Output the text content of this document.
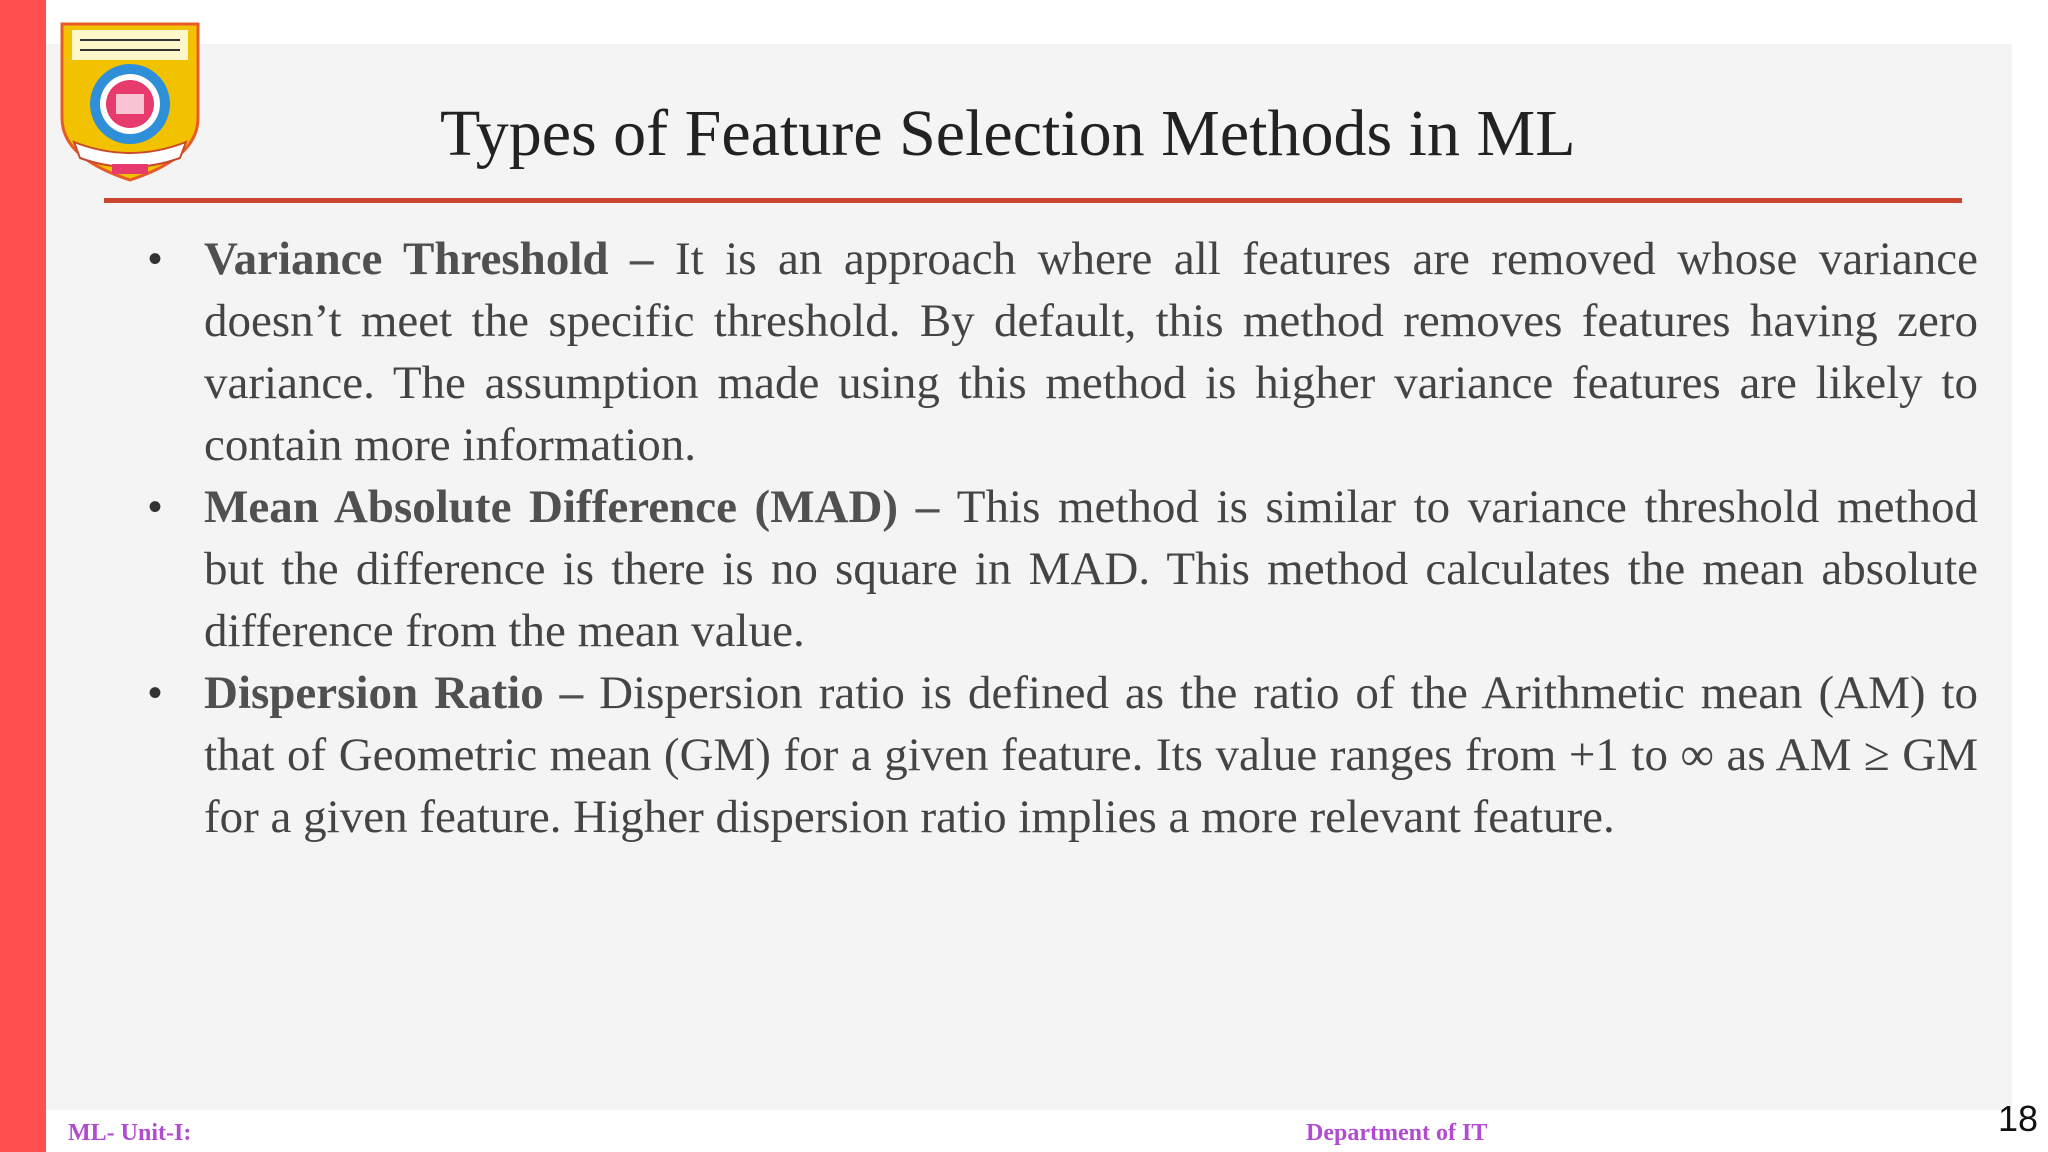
Types of Feature Selection Methods in ML
• Variance Threshold – It is an approach where all features are removed whose variance doesn’t meet the specific threshold. By default, this method removes features having zero variance. The assumption made using this method is higher variance features are likely to contain more information.
• Mean Absolute Difference (MAD) – This method is similar to variance threshold method but the difference is there is no square in MAD. This method calculates the mean absolute difference from the mean value.
• Dispersion Ratio – Dispersion ratio is defined as the ratio of the Arithmetic mean (AM) to that of Geometric mean (GM) for a given feature. Its value ranges from +1 to ∞ as AM ≥ GM for a given feature. Higher dispersion ratio implies a more relevant feature.
ML- Unit-I:	Department of IT	18
